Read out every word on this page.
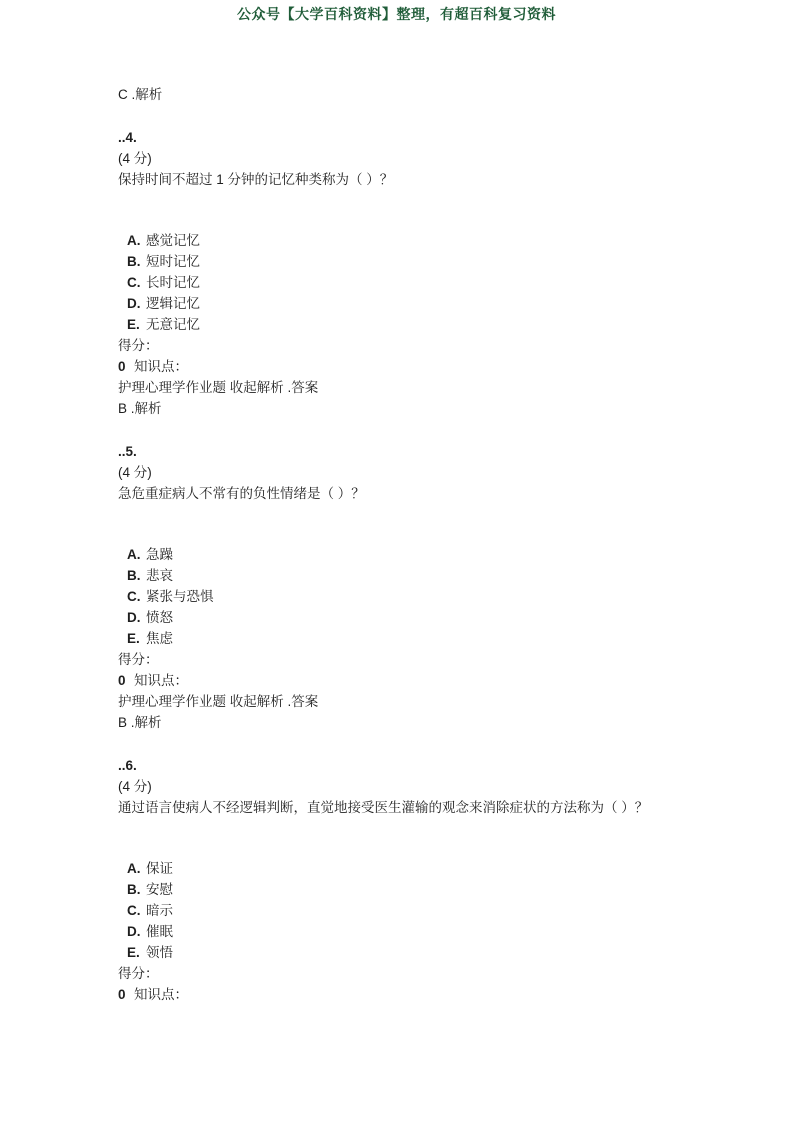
公众号【大学百科资料】整理，有超百科复习资料
C .解析
..4.
(4 分)
保持时间不超过 1 分钟的记忆种类称为（ ）？
A. 感觉记忆
B. 短时记忆
C. 长时记忆
D. 逻辑记忆
E. 无意记忆
得分：
0 知识点：
护理心理学作业题 收起解析 .答案
B .解析
..5.
(4 分)
急危重症病人不常有的负性情绪是（ ）？
A. 急躁
B. 悲哀
C. 紧张与恐惧
D. 愤怒
E. 焦虑
得分：
0 知识点：
护理心理学作业题 收起解析 .答案
B .解析
..6.
(4 分)
通过语言使病人不经逻辑判断，直觉地接受医生灌输的观念来消除症状的方法称为（ ）？
A. 保证
B. 安慰
C. 暗示
D. 催眠
E. 领悟
得分：
0 知识点：
